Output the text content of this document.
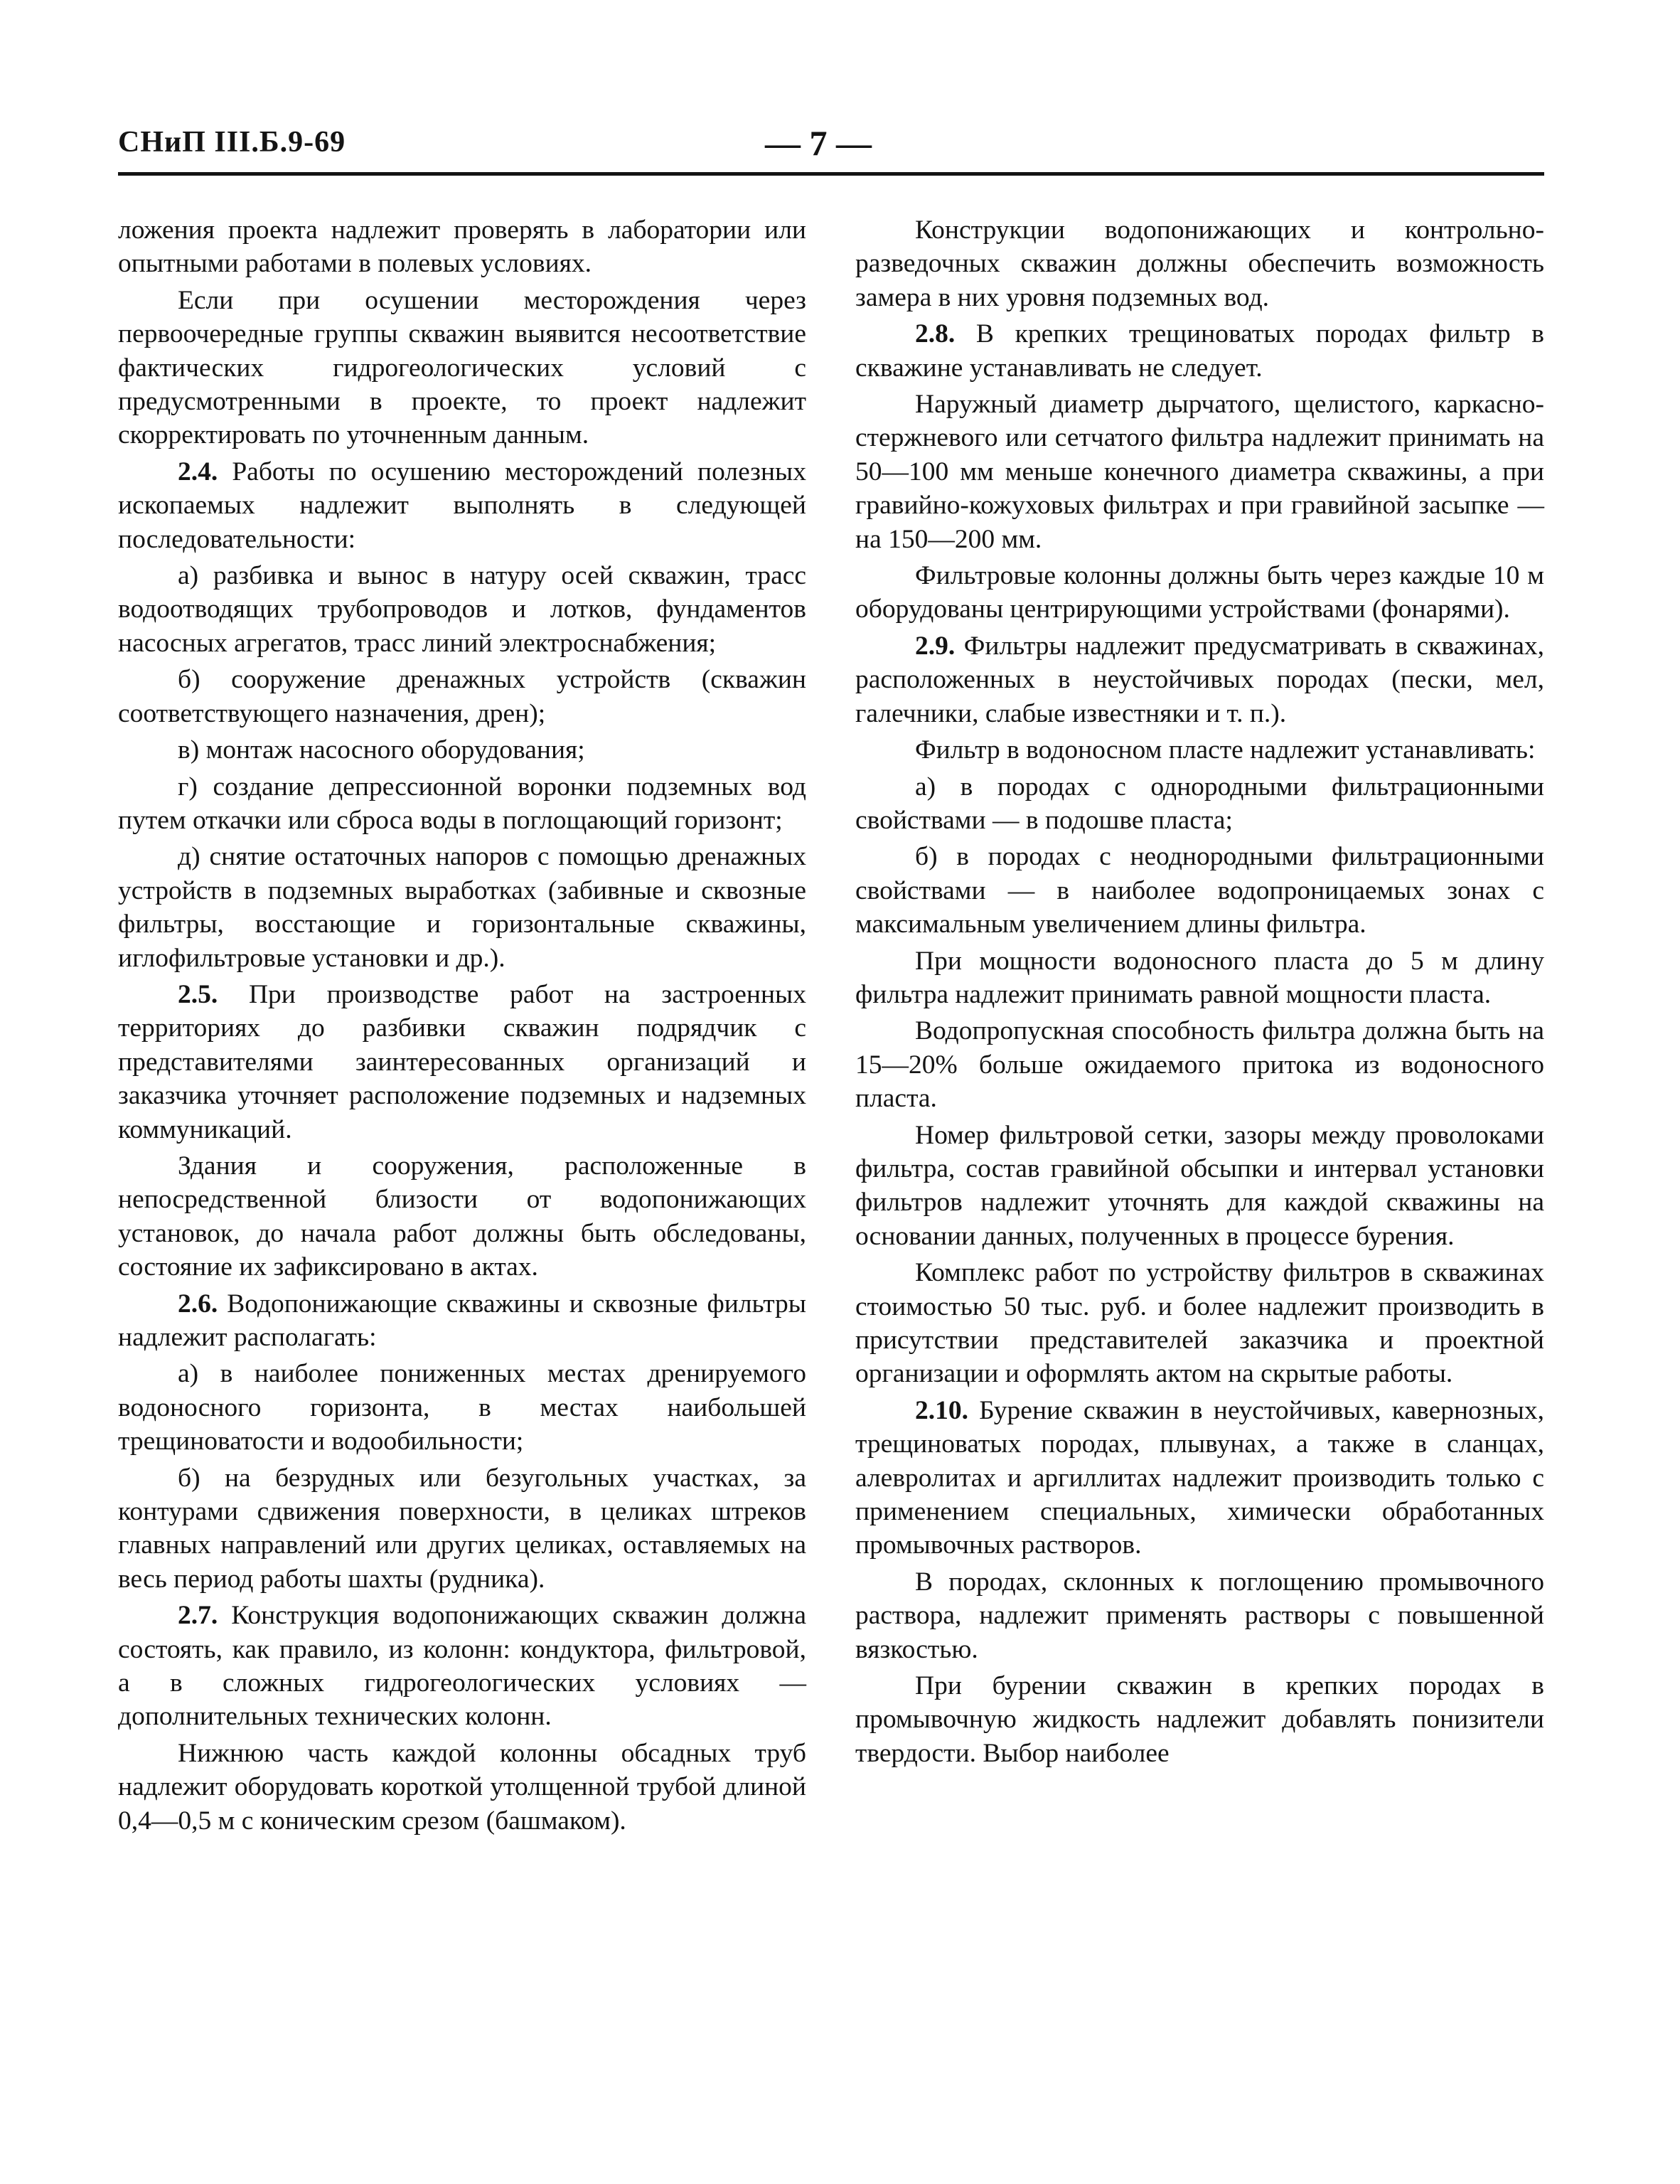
СНиП III.Б.9-69	— 7 —

ложения проекта надлежит проверять в лаборатории или опытными работами в полевых условиях.

Если при осушении месторождения через первоочередные группы скважин выявится несоответствие фактических гидрогеологических условий с предусмотренными в проекте, то проект надлежит скорректировать по уточненным данным.

2.4. Работы по осушению месторождений полезных ископаемых надлежит выполнять в следующей последовательности:

а) разбивка и вынос в натуру осей скважин, трасс водоотводящих трубопроводов и лотков, фундаментов насосных агрегатов, трасс линий электроснабжения;

б) сооружение дренажных устройств (скважин соответствующего назначения, дрен);

в) монтаж насосного оборудования;

г) создание депрессионной воронки подземных вод путем откачки или сброса воды в поглощающий горизонт;

д) снятие остаточных напоров с помощью дренажных устройств в подземных выработках (забивные и сквозные фильтры, восстающие и горизонтальные скважины, иглофильтровые установки и др.).

2.5. При производстве работ на застроенных территориях до разбивки скважин подрядчик с представителями заинтересованных организаций и заказчика уточняет расположение подземных и надземных коммуникаций.

Здания и сооружения, расположенные в непосредственной близости от водопонижающих установок, до начала работ должны быть обследованы, состояние их зафиксировано в актах.

2.6. Водопонижающие скважины и сквозные фильтры надлежит располагать:

а) в наиболее пониженных местах дренируемого водоносного горизонта, в местах наибольшей трещиноватости и водообильности;

б) на безрудных или безугольных участках, за контурами сдвижения поверхности, в целиках штреков главных направлений или других целиках, оставляемых на весь период работы шахты (рудника).

2.7. Конструкция водопонижающих скважин должна состоять, как правило, из колонн: кондуктора, фильтровой, а в сложных гидрогеологических условиях — дополнительных технических колонн.

Нижнюю часть каждой колонны обсадных труб надлежит оборудовать короткой утолщенной трубой длиной 0,4—0,5 м с коническим срезом (башмаком).

Конструкции водопонижающих и контрольно-разведочных скважин должны обеспечить возможность замера в них уровня подземных вод.

2.8. В крепких трещиноватых породах фильтр в скважине устанавливать не следует.

Наружный диаметр дырчатого, щелистого, каркасно-стержневого или сетчатого фильтра надлежит принимать на 50—100 мм меньше конечного диаметра скважины, а при гравийно-кожуховых фильтрах и при гравийной засыпке — на 150—200 мм.

Фильтровые колонны должны быть через каждые 10 м оборудованы центрирующими устройствами (фонарями).

2.9. Фильтры надлежит предусматривать в скважинах, расположенных в неустойчивых породах (пески, мел, галечники, слабые известняки и т. п.).

Фильтр в водоносном пласте надлежит устанавливать:

а) в породах с однородными фильтрационными свойствами — в подошве пласта;

б) в породах с неоднородными фильтрационными свойствами — в наиболее водопроницаемых зонах с максимальным увеличением длины фильтра.

При мощности водоносного пласта до 5 м длину фильтра надлежит принимать равной мощности пласта.

Водопропускная способность фильтра должна быть на 15—20% больше ожидаемого притока из водоносного пласта.

Номер фильтровой сетки, зазоры между проволоками фильтра, состав гравийной обсыпки и интервал установки фильтров надлежит уточнять для каждой скважины на основании данных, полученных в процессе бурения.

Комплекс работ по устройству фильтров в скважинах стоимостью 50 тыс. руб. и более надлежит производить в присутствии представителей заказчика и проектной организации и оформлять актом на скрытые работы.

2.10. Бурение скважин в неустойчивых, кавернозных, трещиноватых породах, плывунах, а также в сланцах, алевролитах и аргиллитах надлежит производить только с применением специальных, химически обработанных промывочных растворов.

В породах, склонных к поглощению промывочного раствора, надлежит применять растворы с повышенной вязкостью.

При бурении скважин в крепких породах в промывочную жидкость надлежит добавлять понизители твердости. Выбор наиболее
